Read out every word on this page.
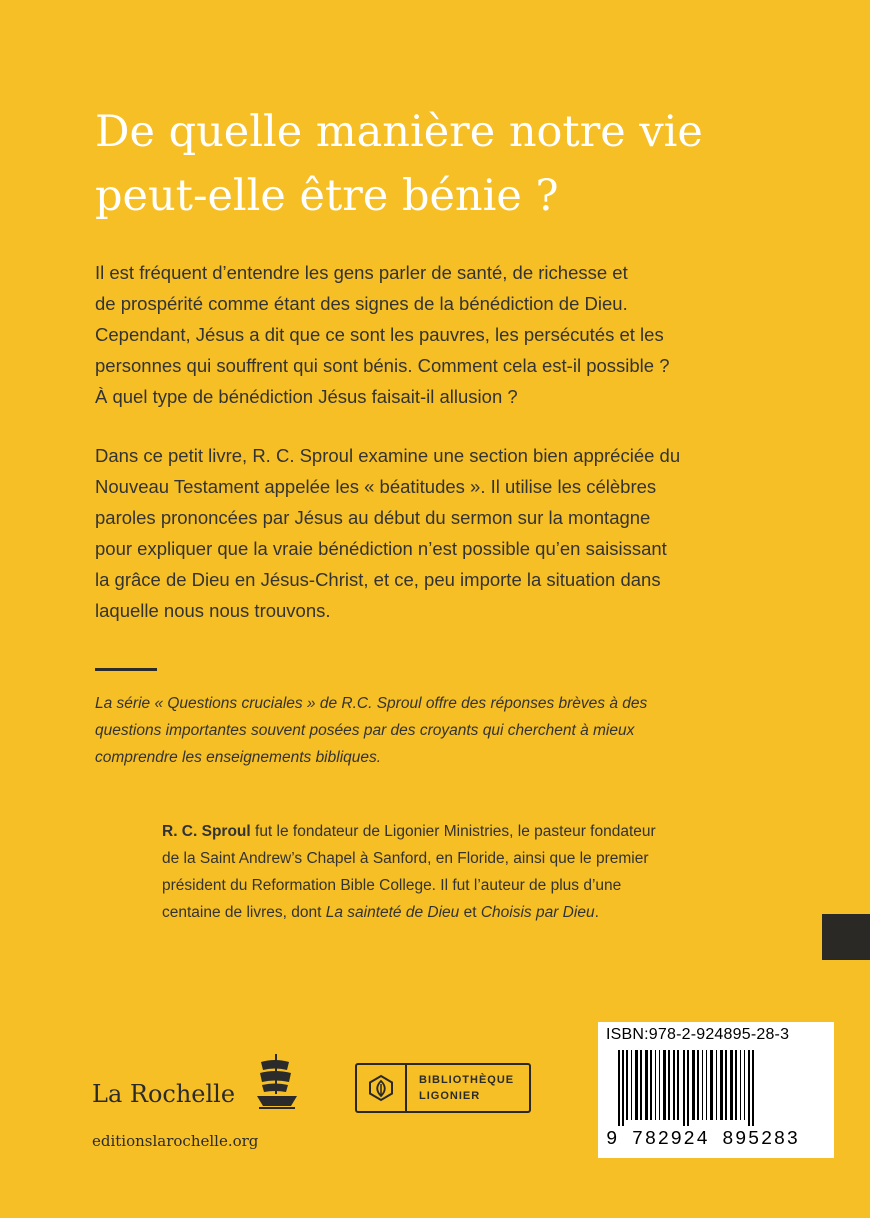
De quelle manière notre vie
peut-elle être bénie ?

Il est fréquent d’entendre les gens parler de santé, de richesse et
de prospérité comme étant des signes de la bénédiction de Dieu.
Cependant, Jésus a dit que ce sont les pauvres, les persécutés et les
personnes qui souffrent qui sont bénis. Comment cela est-il possible ?
À quel type de bénédiction Jésus faisait-il allusion ?

Dans ce petit livre, R. C. Sproul examine une section bien appréciée du
Nouveau Testament appelée les « béatitudes ». Il utilise les célèbres
paroles prononcées par Jésus au début du sermon sur la montagne
pour expliquer que la vraie bénédiction n’est possible qu’en saisissant
la grâce de Dieu en Jésus-Christ, et ce, peu importe la situation dans
laquelle nous nous trouvons.

La série « Questions cruciales » de R.C. Sproul offre des réponses brèves à des
questions importantes souvent posées par des croyants qui cherchent à mieux
comprendre les enseignements bibliques.

R. C. Sproul fut le fondateur de Ligonier Ministries, le pasteur fondateur
de la Saint Andrew’s Chapel à Sanford, en Floride, ainsi que le premier
président du Reformation Bible College. Il fut l’auteur de plus d’une
centaine de livres, dont La sainteté de Dieu et Choisis par Dieu.

La Rochelle
editionslarochelle.org
BIBLIOTHÈQUE
LIGONIER
ISBN:978-2-924895-28-3
9 782924 895283
